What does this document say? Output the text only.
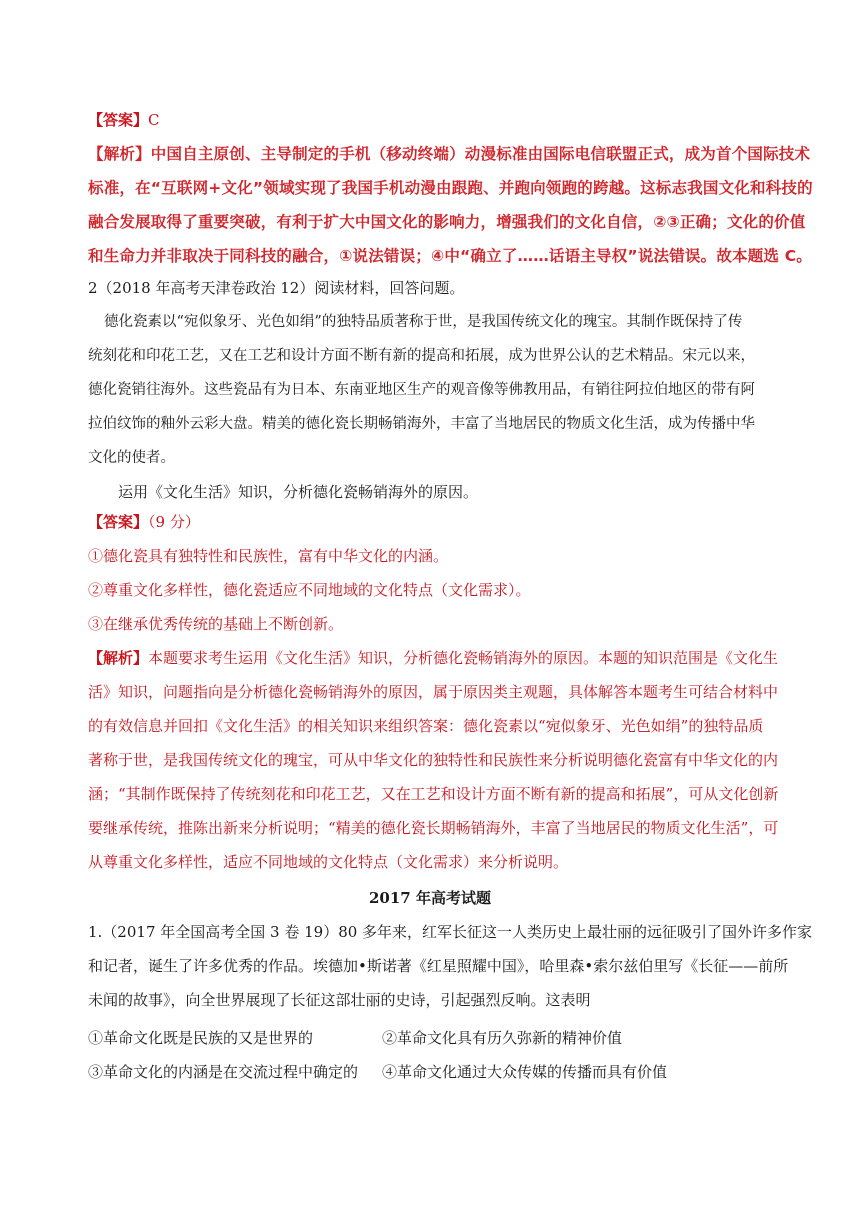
【答案】C
【解析】中国自主原创、主导制定的手机（移动终端）动漫标准由国际电信联盟正式，成为首个国际技术
标准，在“互联网+文化”领域实现了我国手机动漫由跟跑、并跑向领跑的跨越。这标志我国文化和科技的
融合发展取得了重要突破，有利于扩大中国文化的影响力，增强我们的文化自信，②③正确；文化的价值
和生命力并非取决于同科技的融合，①说法错误；④中“确立了……话语主导权”说法错误。故本题选 C。
2（2018 年高考天津卷政治 12）阅读材料，回答问题。
德化瓷素以“宛似象牙、光色如绢”的独特品质著称于世，是我国传统文化的瑰宝。其制作既保持了传
统刻花和印花工艺，又在工艺和设计方面不断有新的提高和拓展，成为世界公认的艺术精品。宋元以来，
德化瓷销往海外。这些瓷品有为日本、东南亚地区生产的观音像等佛教用品，有销往阿拉伯地区的带有阿
拉伯纹饰的釉外云彩大盘。精美的德化瓷长期畅销海外，丰富了当地居民的物质文化生活，成为传播中华
文化的使者。
运用《文化生活》知识，分析德化瓷畅销海外的原因。
【答案】（9 分）
①德化瓷具有独特性和民族性，富有中华文化的内涵。
②尊重文化多样性，德化瓷适应不同地域的文化特点（文化需求）。
③在继承优秀传统的基础上不断创新。
【解析】本题要求考生运用《文化生活》知识，分析德化瓷畅销海外的原因。本题的知识范围是《文化生
活》知识，问题指向是分析德化瓷畅销海外的原因，属于原因类主观题，具体解答本题考生可结合材料中
的有效信息并回扣《文化生活》的相关知识来组织答案：德化瓷素以“宛似象牙、光色如绢”的独特品质
著称于世，是我国传统文化的瑰宝，可从中华文化的独特性和民族性来分析说明德化瓷富有中华文化的内
涵；“其制作既保持了传统刻花和印花工艺，又在工艺和设计方面不断有新的提高和拓展”，可从文化创新
要继承传统，推陈出新来分析说明；“精美的德化瓷长期畅销海外，丰富了当地居民的物质文化生活”，可
从尊重文化多样性，适应不同地域的文化特点（文化需求）来分析说明。
2017 年高考试题
1.（2017 年全国高考全国 3 卷 19）80 多年来，红军长征这一人类历史上最壮丽的远征吸引了国外许多作家
和记者，诞生了许多优秀的作品。埃德加•斯诺著《红星照耀中国》，哈里森•索尔兹伯里写《长征——前所
未闻的故事》，向全世界展现了长征这部壮丽的史诗，引起强烈反响。这表明
①革命文化既是民族的又是世界的	②革命文化具有历久弥新的精神价值
③革命文化的内涵是在交流过程中确定的 ④革命文化通过大众传媒的传播而具有价值
